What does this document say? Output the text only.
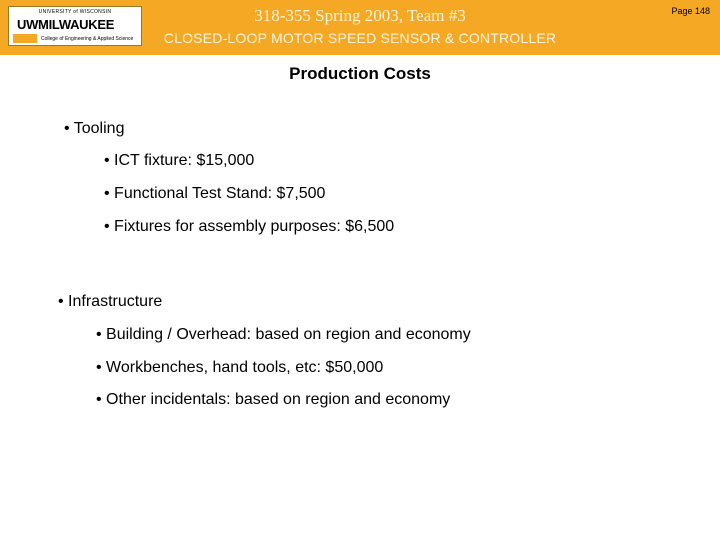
UNIVERSITY of WISCONSIN
UWMILWAUKEE
College of Engineering & Applied Science
318-355 Spring 2003, Team #3
CLOSED-LOOP MOTOR SPEED SENSOR & CONTROLLER
Page 148
Production Costs
• Tooling
• ICT fixture: $15,000
• Functional Test Stand: $7,500
• Fixtures for assembly purposes: $6,500
• Infrastructure
• Building / Overhead: based on region and economy
• Workbenches, hand tools, etc: $50,000
• Other incidentals: based on region and economy
